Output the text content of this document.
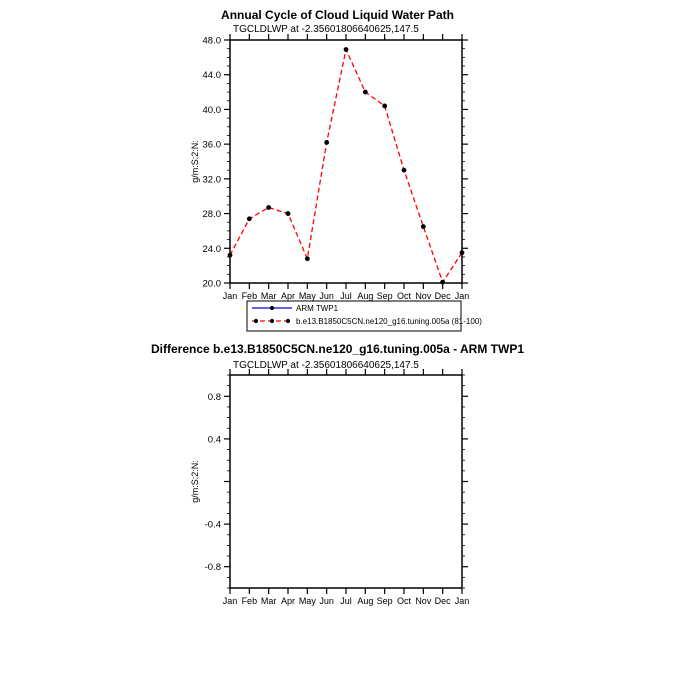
Annual Cycle of Cloud Liquid Water Path
TGCLDLWP at -2.35601806640625,147.5
Difference b.e13.B1850C5CN.ne120_g16.tuning.005a - ARM TWP1
TGCLDLWP at -2.35601806640625,147.5
20.0
24.0
28.0
32.0
36.0
40.0
44.0
48.0
Jan Feb Mar Apr May Jun Jul Aug Sep Oct Nov Dec Jan
g/m:S:2:N:
-0.8
-0.4
0.4
0.8
Jan Feb Mar Apr May Jun Jul Aug Sep Oct Nov Dec Jan
g/m:S:2:N:
ARM TWP1
b.e13.B1850C5CN.ne120_g16.tuning.005a (81-100)
